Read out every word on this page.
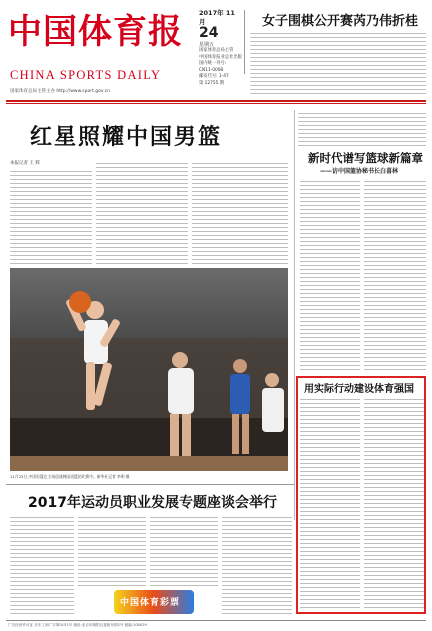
中国体育报
CHINA SPORTS DAILY
国家体育总局主管主办 http://www.sport.gov.cn
2017年 11月
24
星期五
国家体育总局主管
中国体育报业总社出版
国内统一刊号:
CN11-0008
邮发代号: 1-47
第 12755 期
女子围棋公开赛芮乃伟折桂
红星照耀中国男篮
本报记者 王 辉
11月23日,中国男篮在主场迎战韩国男篮的比赛中。新华社记者 李明 摄
新时代谱写篮球新篇章
——访中国篮协秘书长白喜林
用实际行动建设体育强国
2017年运动员职业发展专题座谈会举行
中国体育彩票
广告经营许可证 京东工商广字第0151号 地址:北京市朝阳区惠新东街2号 邮编:100029
